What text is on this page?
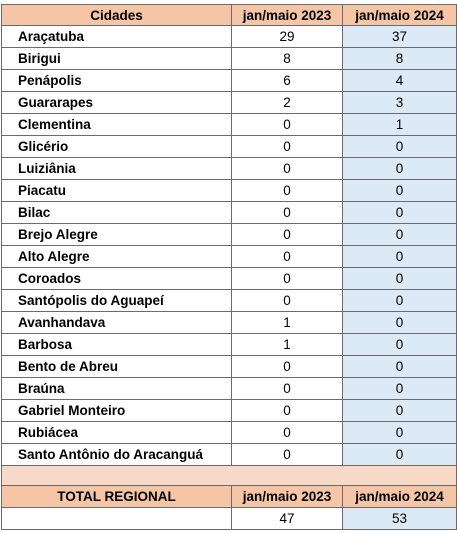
Cidades	jan/maio 2023	jan/maio 2024
Araçatuba	29	37
Birigui	8	8
Penápolis	6	4
Guararapes	2	3
Clementina	0	1
Glicério	0	0
Luiziânia	0	0
Piacatu	0	0
Bilac	0	0
Brejo Alegre	0	0
Alto Alegre	0	0
Coroados	0	0
Santópolis do Aguapeí	0	0
Avanhandava	1	0
Barbosa	1	0
Bento de Abreu	0	0
Braúna	0	0
Gabriel Monteiro	0	0
Rubiácea	0	0
Santo Antônio do Aracanguá	0	0

TOTAL REGIONAL	jan/maio 2023	jan/maio 2024
	47	53
